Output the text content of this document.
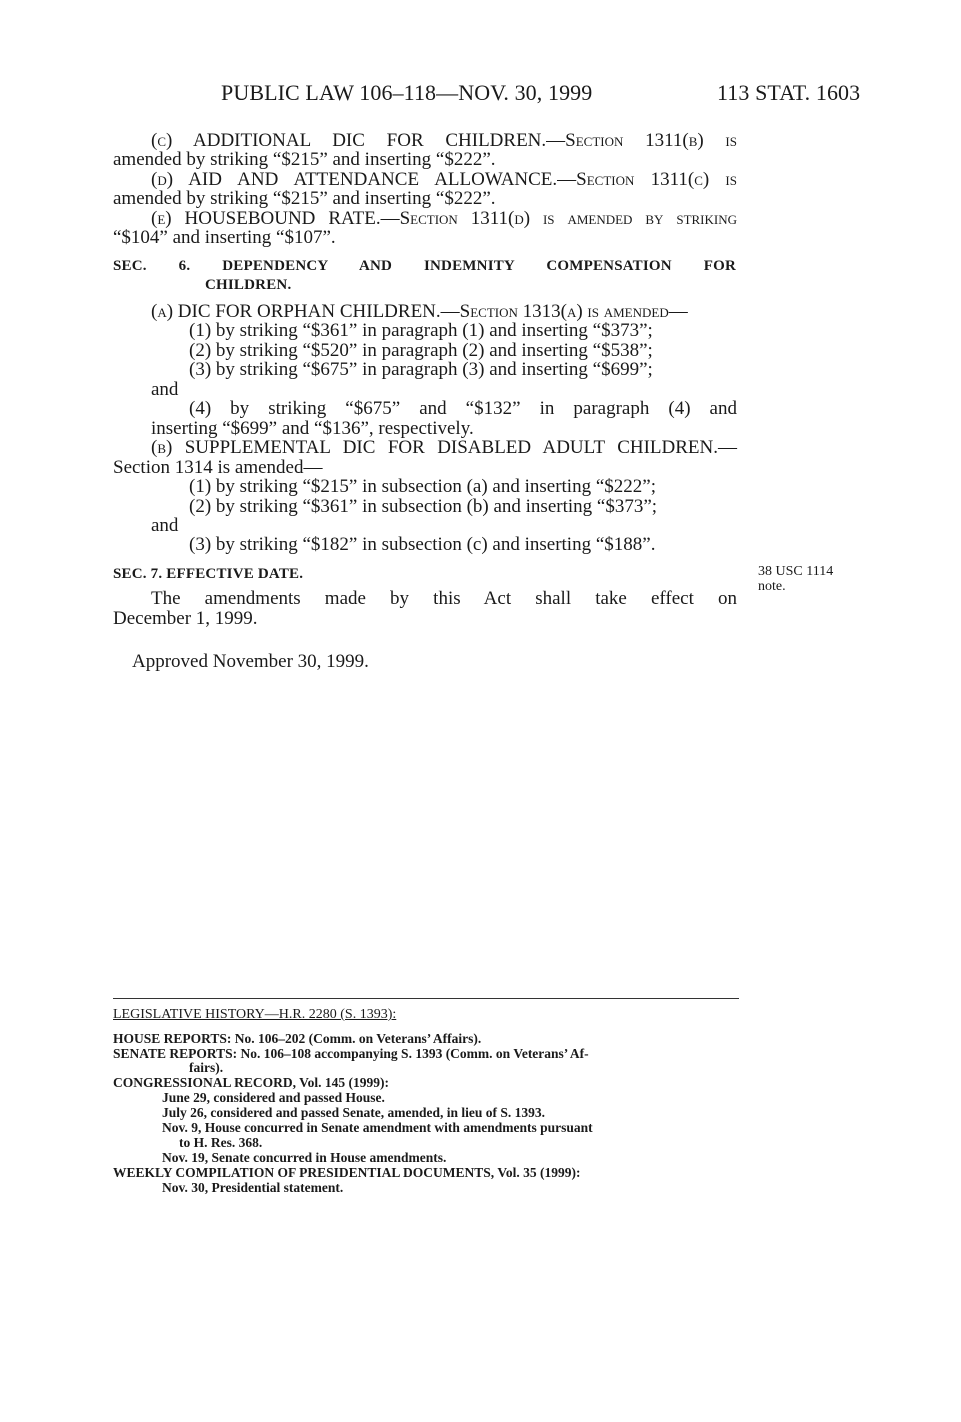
PUBLIC LAW 106–118—NOV. 30, 1999	113 STAT. 1603
(c) ADDITIONAL DIC FOR CHILDREN.—Section 1311(b) is
amended by striking “$215” and inserting “$222”.
(d) AID AND ATTENDANCE ALLOWANCE.—Section 1311(c) is
amended by striking “$215” and inserting “$222”.
(e) HOUSEBOUND RATE.—Section 1311(d) is amended by striking
“$104” and inserting “$107”.
SEC. 6. DEPENDENCY AND INDEMNITY COMPENSATION FOR
CHILDREN.
(a) DIC FOR ORPHAN CHILDREN.—Section 1313(a) is amended—
(1) by striking “$361” in paragraph (1) and inserting “$373”;
(2) by striking “$520” in paragraph (2) and inserting “$538”;
(3) by striking “$675” in paragraph (3) and inserting “$699”;
and
(4) by striking “$675” and “$132” in paragraph (4) and
inserting “$699” and “$136”, respectively.
(b) SUPPLEMENTAL DIC FOR DISABLED ADULT CHILDREN.—
Section 1314 is amended—
(1) by striking “$215” in subsection (a) and inserting “$222”;
(2) by striking “$361” in subsection (b) and inserting “$373”;
and
(3) by striking “$182” in subsection (c) and inserting “$188”.
SEC. 7. EFFECTIVE DATE.	38 USC 1114
note.
The amendments made by this Act shall take effect on
December 1, 1999.
Approved November 30, 1999.
LEGISLATIVE HISTORY—H.R. 2280 (S. 1393):
HOUSE REPORTS: No. 106–202 (Comm. on Veterans’ Affairs).
SENATE REPORTS: No. 106–108 accompanying S. 1393 (Comm. on Veterans’ Af-
fairs).
CONGRESSIONAL RECORD, Vol. 145 (1999):
June 29, considered and passed House.
July 26, considered and passed Senate, amended, in lieu of S. 1393.
Nov. 9, House concurred in Senate amendment with amendments pursuant
to H. Res. 368.
Nov. 19, Senate concurred in House amendments.
WEEKLY COMPILATION OF PRESIDENTIAL DOCUMENTS, Vol. 35 (1999):
Nov. 30, Presidential statement.
